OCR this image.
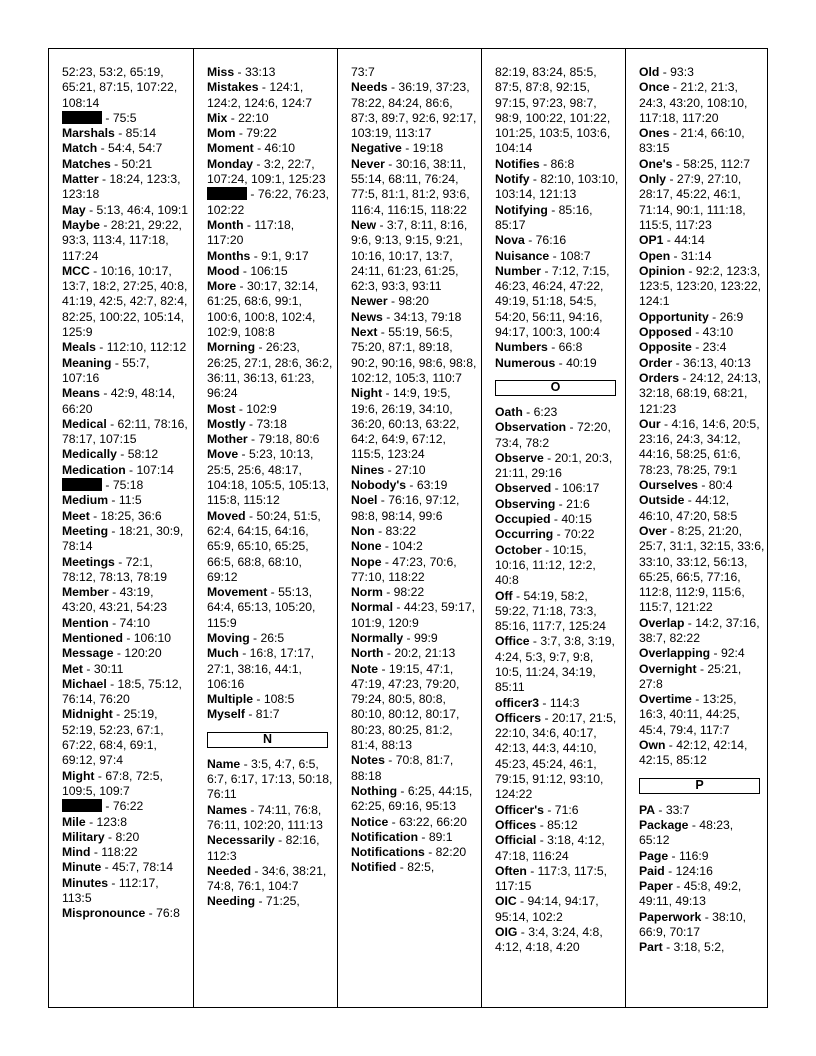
52:23, 53:2, 65:19, 65:21, 87:15, 107:22, 108:14

- 75:5

Marshals - 85:14

Match - 54:4, 54:7

Matches - 50:21

Matter - 18:24, 123:3, 123:18

May - 5:13, 46:4, 109:1

Maybe - 28:21, 29:22, 93:3, 113:4, 117:18, 117:24

MCC - 10:16, 10:17, 13:7, 18:2, 27:25, 40:8, 41:19, 42:5, 42:7, 82:4, 82:25, 100:22, 105:14, 125:9

Meals - 112:10, 112:12

Meaning - 55:7, 107:16

Means - 42:9, 48:14, 66:20

Medical - 62:11, 78:16, 78:17, 107:15

Medically - 58:12

Medication - 107:14

- 75:18

Medium - 11:5

Meet - 18:25, 36:6

Meeting - 18:21, 30:9, 78:14

Meetings - 72:1, 78:12, 78:13, 78:19

Member - 43:19, 43:20, 43:21, 54:23

Mention - 74:10

Mentioned - 106:10

Message - 120:20

Met - 30:11

Michael - 18:5, 75:12, 76:14, 76:20

Midnight - 25:19, 52:19, 52:23, 67:1, 67:22, 68:4, 69:1, 69:12, 97:4

Might - 67:8, 72:5, 109:5, 109:7

- 76:22

Mile - 123:8

Military - 8:20

Mind - 118:22

Minute - 45:7, 78:14

Minutes - 112:17, 113:5

Mispronounce - 76:8

Miss - 33:13

Mistakes - 124:1, 124:2, 124:6, 124:7

Mix - 22:10

Mom - 79:22

Moment - 46:10

Monday - 3:2, 22:7, 107:24, 109:1, 125:23

- 76:22, 76:23, 102:22

Month - 117:18, 117:20

Months - 9:1, 9:17

Mood - 106:15

More - 30:17, 32:14, 61:25, 68:6, 99:1, 100:6, 100:8, 102:4, 102:9, 108:8

Morning - 26:23, 26:25, 27:1, 28:6, 36:2, 36:11, 36:13, 61:23, 96:24

Most - 102:9

Mostly - 73:18

Mother - 79:18, 80:6

Move - 5:23, 10:13, 25:5, 25:6, 48:17, 104:18, 105:5, 105:13, 115:8, 115:12

Moved - 50:24, 51:5, 62:4, 64:15, 64:16, 65:9, 65:10, 65:25, 66:5, 68:8, 68:10, 69:12

Movement - 55:13, 64:4, 65:13, 105:20, 115:9

Moving - 26:5

Much - 16:8, 17:17, 27:1, 38:16, 44:1, 106:16

Multiple - 108:5

Myself - 81:7

N

Name - 3:5, 4:7, 6:5, 6:7, 6:17, 17:13, 50:18, 76:11

Names - 74:11, 76:8, 76:11, 102:20, 111:13

Necessarily - 82:16, 112:3

Needed - 34:6, 38:21, 74:8, 76:1, 104:7

Needing - 71:25,

73:7

Needs - 36:19, 37:23, 78:22, 84:24, 86:6, 87:3, 89:7, 92:6, 92:17, 103:19, 113:17

Negative - 19:18

Never - 30:16, 38:11, 55:14, 68:11, 76:24, 77:5, 81:1, 81:2, 93:6, 116:4, 116:15, 118:22

New - 3:7, 8:11, 8:16, 9:6, 9:13, 9:15, 9:21, 10:16, 10:17, 13:7, 24:11, 61:23, 61:25, 62:3, 93:3, 93:11

Newer - 98:20

News - 34:13, 79:18

Next - 55:19, 56:5, 75:20, 87:1, 89:18, 90:2, 90:16, 98:6, 98:8, 102:12, 105:3, 110:7

Night - 14:9, 19:5, 19:6, 26:19, 34:10, 36:20, 60:13, 63:22, 64:2, 64:9, 67:12, 115:5, 123:24

Nines - 27:10

Nobody's - 63:19

Noel - 76:16, 97:12, 98:8, 98:14, 99:6

Non - 83:22

None - 104:2

Nope - 47:23, 70:6, 77:10, 118:22

Norm - 98:22

Normal - 44:23, 59:17, 101:9, 120:9

Normally - 99:9

North - 20:2, 21:13

Note - 19:15, 47:1, 47:19, 47:23, 79:20, 79:24, 80:5, 80:8, 80:10, 80:12, 80:17, 80:23, 80:25, 81:2, 81:4, 88:13

Notes - 70:8, 81:7, 88:18

Nothing - 6:25, 44:15, 62:25, 69:16, 95:13

Notice - 63:22, 66:20

Notification - 89:1

Notifications - 82:20

Notified - 82:5,

82:19, 83:24, 85:5, 87:5, 87:8, 92:15, 97:15, 97:23, 98:7, 98:9, 100:22, 101:22, 101:25, 103:5, 103:6, 104:14

Notifies - 86:8

Notify - 82:10, 103:10, 103:14, 121:13

Notifying - 85:16, 85:17

Nova - 76:16

Nuisance - 108:7

Number - 7:12, 7:15, 46:23, 46:24, 47:22, 49:19, 51:18, 54:5, 54:20, 56:11, 94:16, 94:17, 100:3, 100:4

Numbers - 66:8

Numerous - 40:19

O

Oath - 6:23

Observation - 72:20, 73:4, 78:2

Observe - 20:1, 20:3, 21:11, 29:16

Observed - 106:17

Observing - 21:6

Occupied - 40:15

Occurring - 70:22

October - 10:15, 10:16, 11:12, 12:2, 40:8

Off - 54:19, 58:2, 59:22, 71:18, 73:3, 85:16, 117:7, 125:24

Office - 3:7, 3:8, 3:19, 4:24, 5:3, 9:7, 9:8, 10:5, 11:24, 34:19, 85:11

officer3 - 114:3

Officers - 20:17, 21:5, 22:10, 34:6, 40:17, 42:13, 44:3, 44:10, 45:23, 45:24, 46:1, 79:15, 91:12, 93:10, 124:22

Officer's - 71:6

Offices - 85:12

Official - 3:18, 4:12, 47:18, 116:24

Often - 117:3, 117:5, 117:15

OIC - 94:14, 94:17, 95:14, 102:2

OIG - 3:4, 3:24, 4:8, 4:12, 4:18, 4:20

Old - 93:3

Once - 21:2, 21:3, 24:3, 43:20, 108:10, 117:18, 117:20

Ones - 21:4, 66:10, 83:15

One's - 58:25, 112:7

Only - 27:9, 27:10, 28:17, 45:22, 46:1, 71:14, 90:1, 111:18, 115:5, 117:23

OP1 - 44:14

Open - 31:14

Opinion - 92:2, 123:3, 123:5, 123:20, 123:22, 124:1

Opportunity - 26:9

Opposed - 43:10

Opposite - 23:4

Order - 36:13, 40:13

Orders - 24:12, 24:13, 32:18, 68:19, 68:21, 121:23

Our - 4:16, 14:6, 20:5, 23:16, 24:3, 34:12, 44:16, 58:25, 61:6, 78:23, 78:25, 79:1

Ourselves - 80:4

Outside - 44:12, 46:10, 47:20, 58:5

Over - 8:25, 21:20, 25:7, 31:1, 32:15, 33:6, 33:10, 33:12, 56:13, 65:25, 66:5, 77:16, 112:8, 112:9, 115:6, 115:7, 121:22

Overlap - 14:2, 37:16, 38:7, 82:22

Overlapping - 92:4

Overnight - 25:21, 27:8

Overtime - 13:25, 16:3, 40:11, 44:25, 45:4, 79:4, 117:7

Own - 42:12, 42:14, 42:15, 85:12

P

PA - 33:7

Package - 48:23, 65:12

Page - 116:9

Paid - 124:16

Paper - 45:8, 49:2, 49:11, 49:13

Paperwork - 38:10, 66:9, 70:17

Part - 3:18, 5:2,
